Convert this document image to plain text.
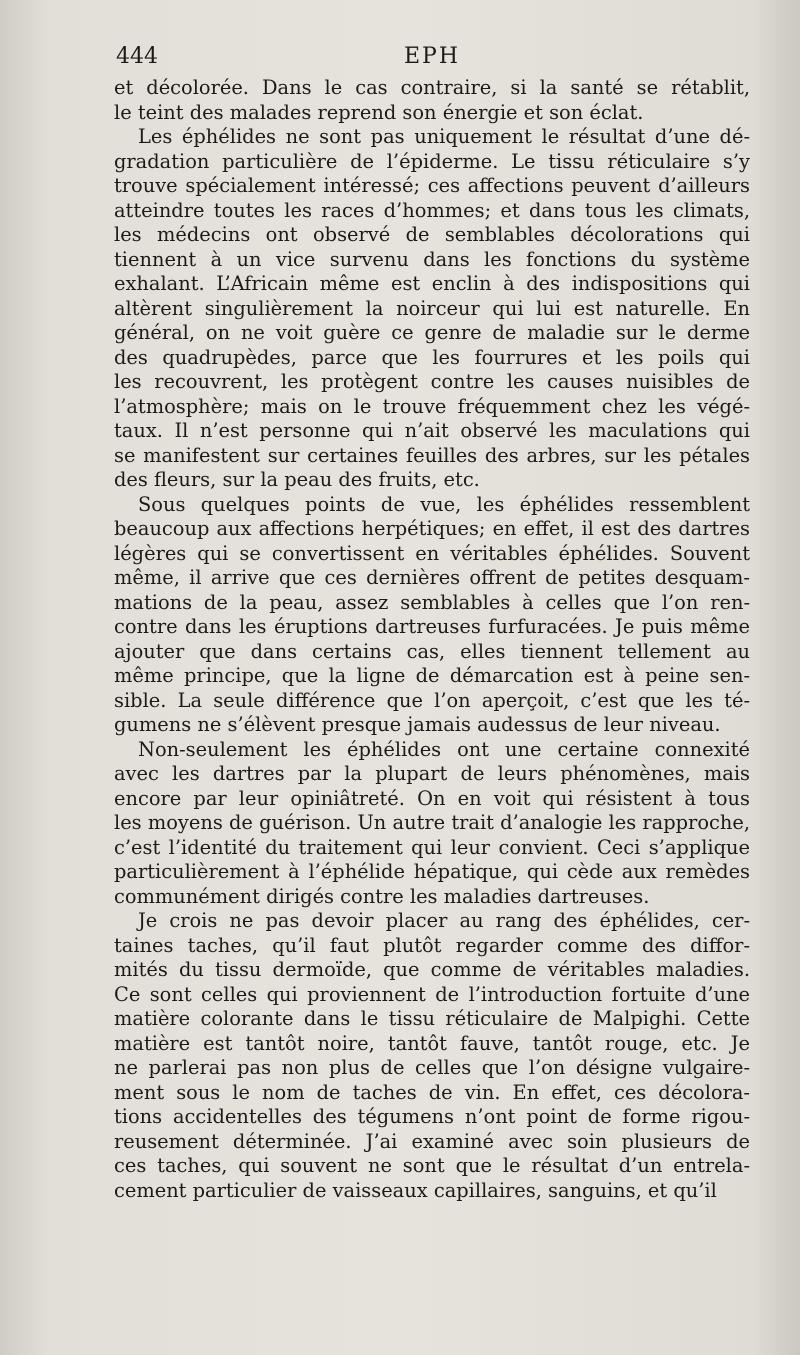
444	EPH
et décolorée. Dans le cas contraire, si la santé se rétablit,
le teint des malades reprend son énergie et son éclat.
Les éphélides ne sont pas uniquement le résultat d’une dé-
gradation particulière de l’épiderme. Le tissu réticulaire s’y
trouve spécialement intéressé; ces affections peuvent d’ailleurs
atteindre toutes les races d’hommes; et dans tous les climats,
les médecins ont observé de semblables décolorations qui
tiennent à un vice survenu dans les fonctions du système
exhalant. L’Africain même est enclin à des indispositions qui
altèrent singulièrement la noirceur qui lui est naturelle. En
général, on ne voit guère ce genre de maladie sur le derme
des quadrupèdes, parce que les fourrures et les poils qui
les recouvrent, les protègent contre les causes nuisibles de
l’atmosphère; mais on le trouve fréquemment chez les végé-
taux. Il n’est personne qui n’ait observé les maculations qui
se manifestent sur certaines feuilles des arbres, sur les pétales
des fleurs, sur la peau des fruits, etc.
Sous quelques points de vue, les éphélides ressemblent
beaucoup aux affections herpétiques; en effet, il est des dartres
légères qui se convertissent en véritables éphélides. Souvent
même, il arrive que ces dernières offrent de petites desquam-
mations de la peau, assez semblables à celles que l’on ren-
contre dans les éruptions dartreuses furfuracées. Je puis même
ajouter que dans certains cas, elles tiennent tellement au
même principe, que la ligne de démarcation est à peine sen-
sible. La seule différence que l’on aperçoit, c’est que les té-
gumens ne s’élèvent presque jamais audessus de leur niveau.
Non-seulement les éphélides ont une certaine connexité
avec les dartres par la plupart de leurs phénomènes, mais
encore par leur opiniâtreté. On en voit qui résistent à tous
les moyens de guérison. Un autre trait d’analogie les rapproche,
c’est l’identité du traitement qui leur convient. Ceci s’applique
particulièrement à l’éphélide hépatique, qui cède aux remèdes
communément dirigés contre les maladies dartreuses.
Je crois ne pas devoir placer au rang des éphélides, cer-
taines taches, qu’il faut plutôt regarder comme des diffor-
mités du tissu dermoïde, que comme de véritables maladies.
Ce sont celles qui proviennent de l’introduction fortuite d’une
matière colorante dans le tissu réticulaire de Malpighi. Cette
matière est tantôt noire, tantôt fauve, tantôt rouge, etc. Je
ne parlerai pas non plus de celles que l’on désigne vulgaire-
ment sous le nom de taches de vin. En effet, ces décolora-
tions accidentelles des tégumens n’ont point de forme rigou-
reusement déterminée. J’ai examiné avec soin plusieurs de
ces taches, qui souvent ne sont que le résultat d’un entrela-
cement particulier de vaisseaux capillaires, sanguins, et qu’il
